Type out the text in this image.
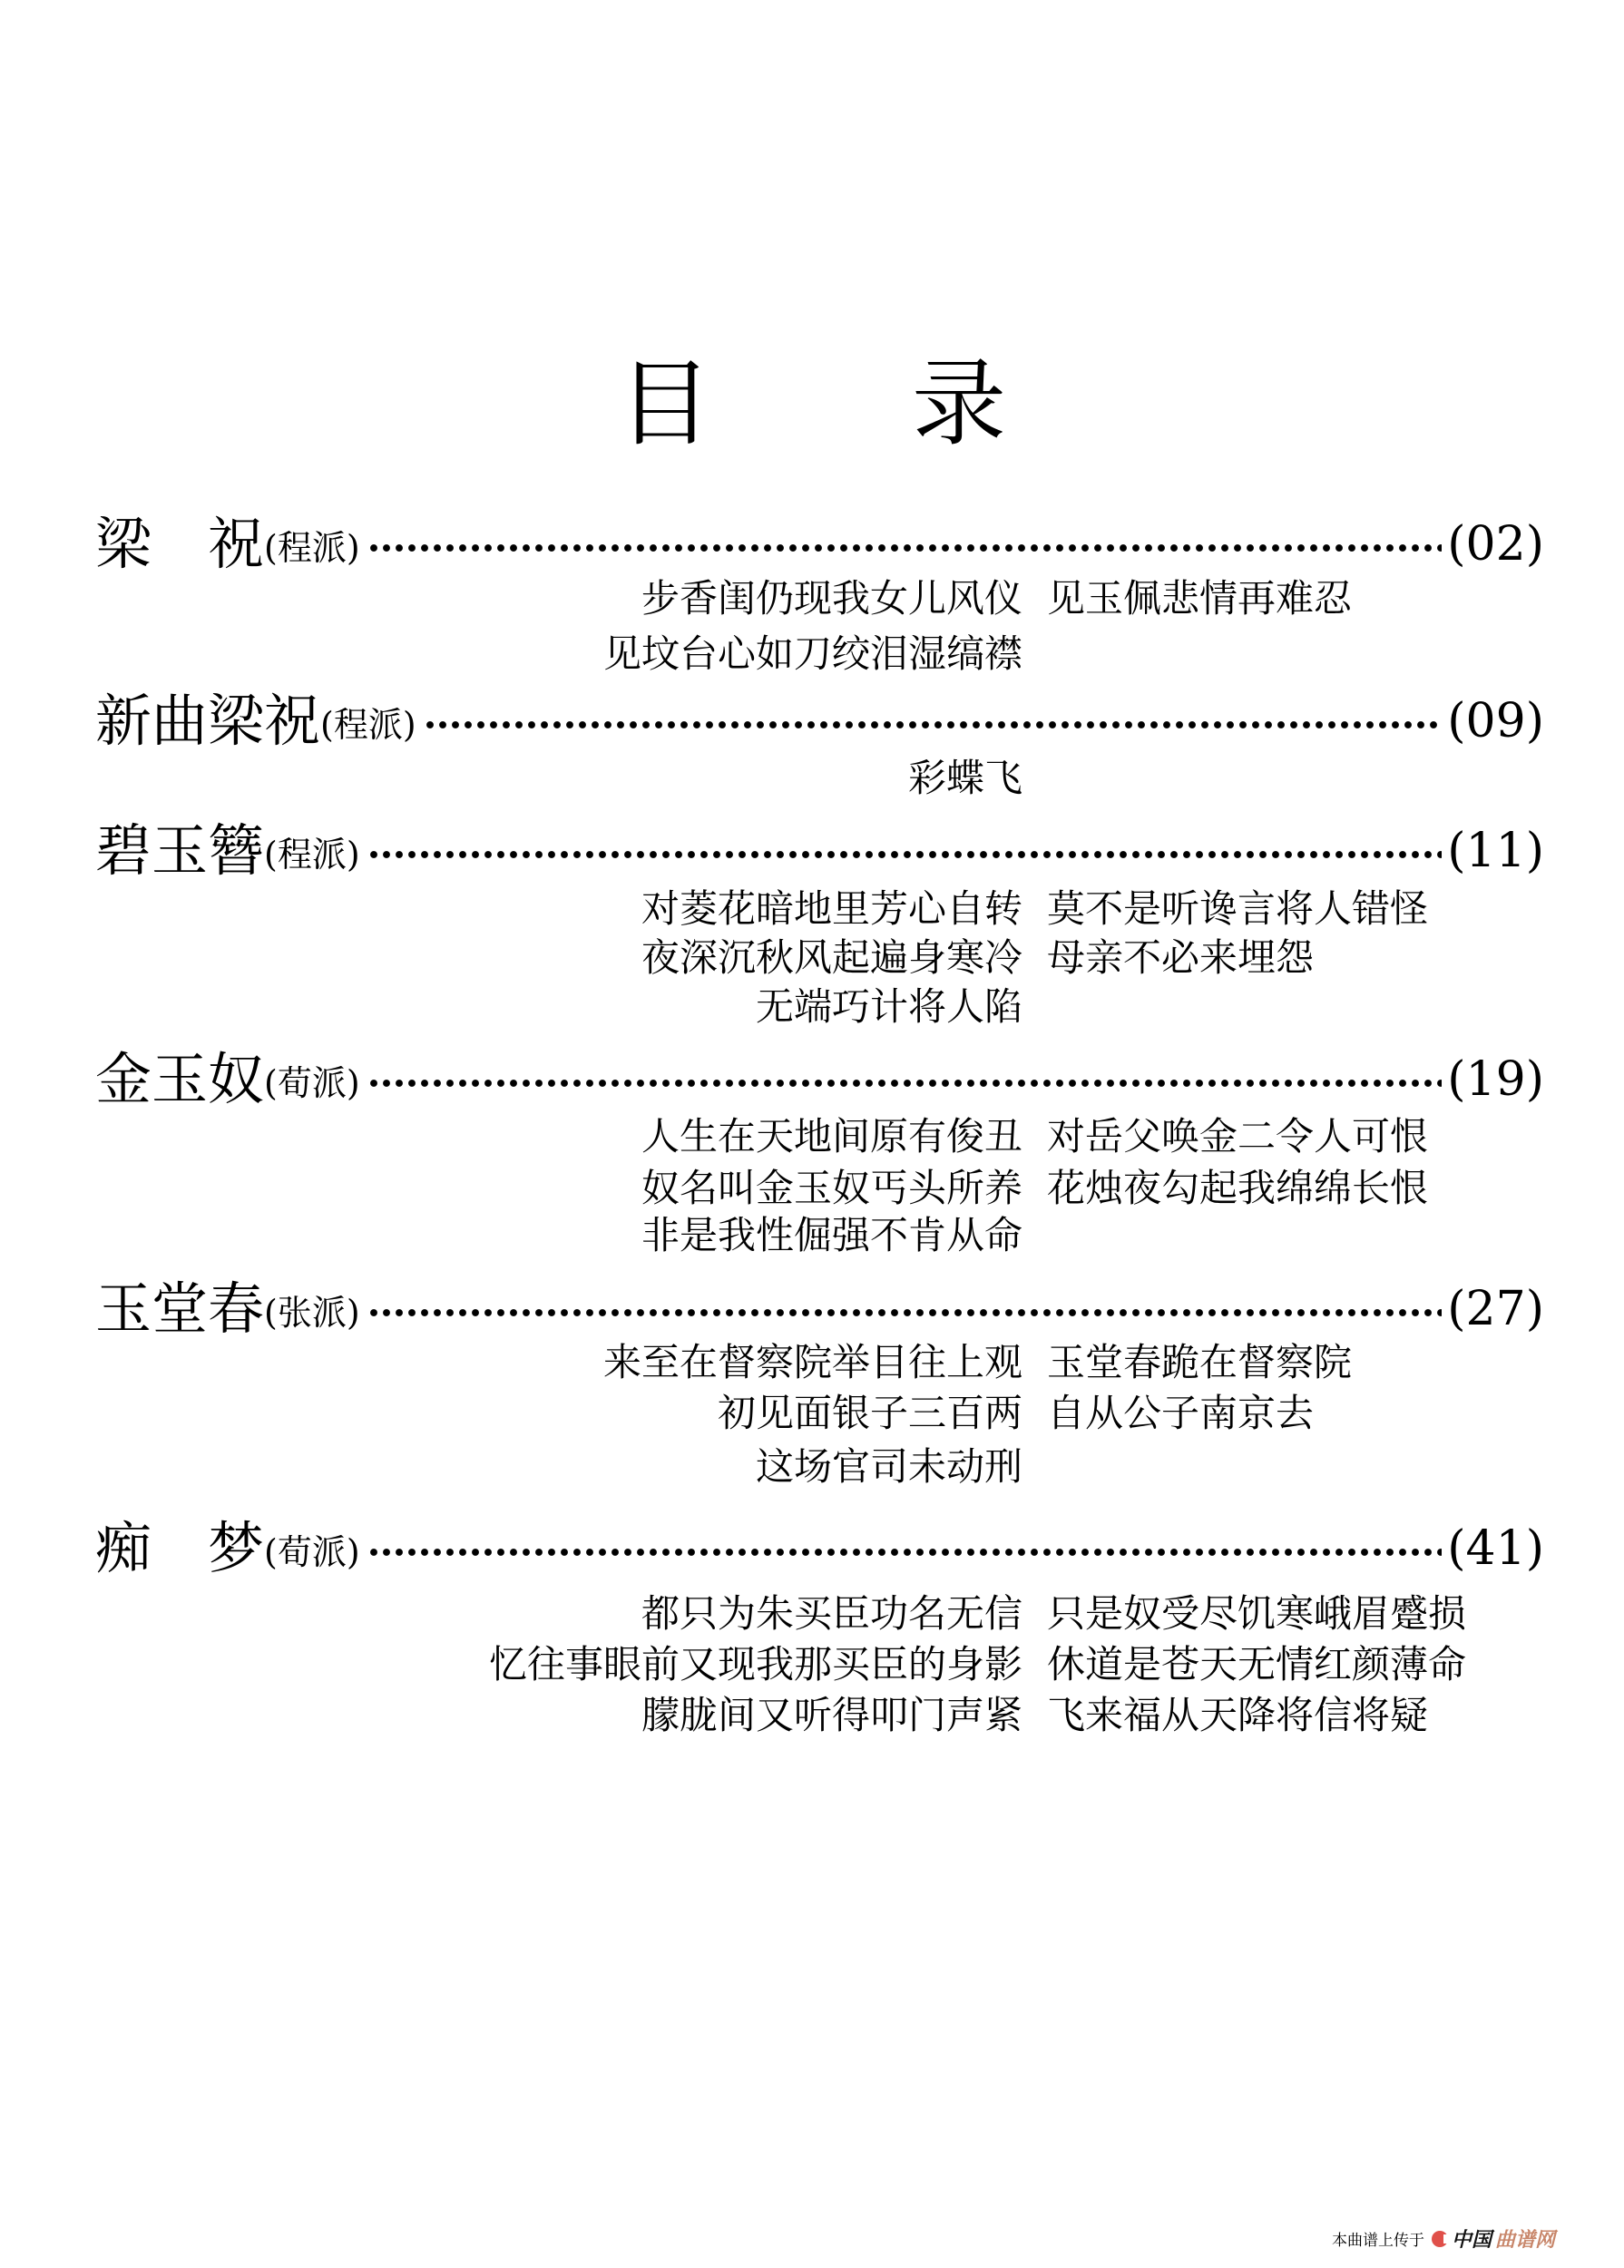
目 录
梁　祝 (程派)	(02)
步香闺仍现我女儿风仪 见玉佩悲情再难忍
见坟台心如刀绞泪湿缟襟
新曲梁祝 (程派)	(09)
彩蝶飞
碧玉簪 (程派)	(11)
对菱花暗地里芳心自转 莫不是听谗言将人错怪
夜深沉秋风起遍身寒冷 母亲不必来埋怨
无端巧计将人陷
金玉奴 (荀派)	(19)
人生在天地间原有俊丑 对岳父唤金二令人可恨
奴名叫金玉奴丐头所养 花烛夜勾起我绵绵长恨
非是我性倔强不肯从命
玉堂春 (张派)	(27)
来至在督察院举目往上观 玉堂春跪在督察院
初见面银子三百两 自从公子南京去
这场官司未动刑
痴　梦 (荀派)	(41)
都只为朱买臣功名无信 只是奴受尽饥寒峨眉蹙损
忆往事眼前又现我那买臣的身影 休道是苍天无情红颜薄命
朦胧间又听得叩门声紧 飞来福从天降将信将疑
本曲谱上传于 中国 曲谱网
